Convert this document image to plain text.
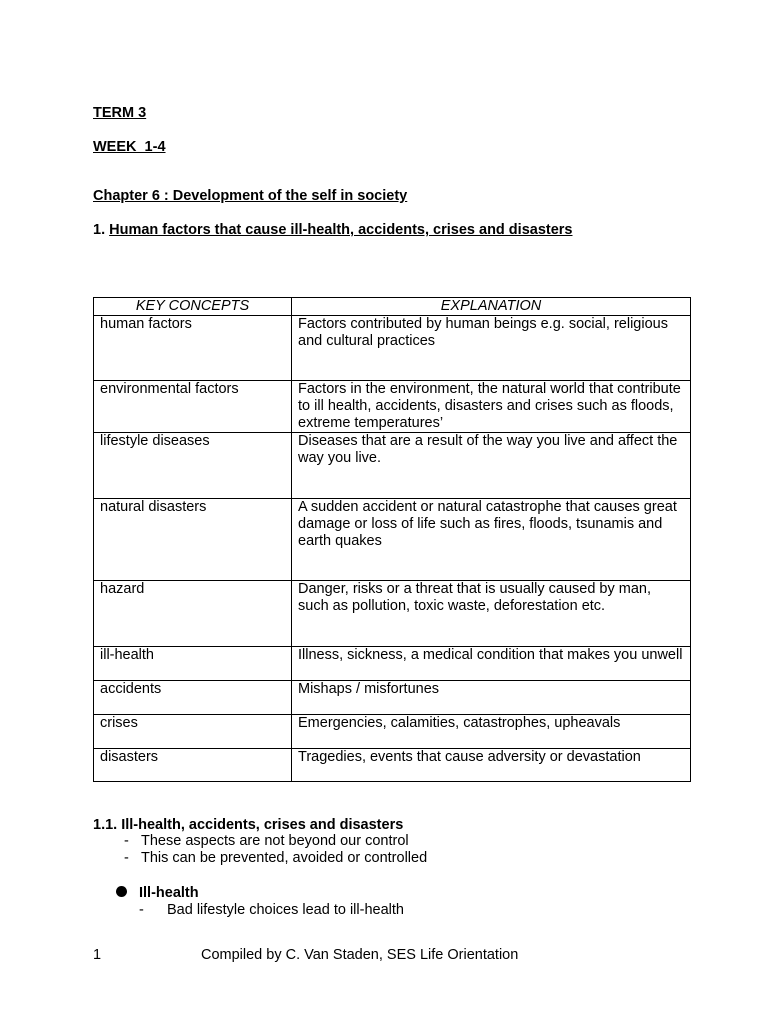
TERM 3
WEEK  1-4
Chapter 6 : Development of the self in society
1. Human factors that cause ill-health, accidents, crises and disasters
KEY CONCEPTS	EXPLANATION
human factors	Factors contributed by human beings e.g. social, religious and cultural practices
environmental factors	Factors in the environment, the natural world that contribute to ill health, accidents, disasters and crises such as floods, extreme temperatures’
lifestyle diseases	Diseases that are a result of the way you live and affect the way you live.
natural disasters	A sudden accident or natural catastrophe that causes great damage or loss of life such as fires, floods, tsunamis and earth quakes
hazard	Danger, risks or a threat that is usually caused by man, such as pollution, toxic waste, deforestation etc.
ill-health	Illness, sickness, a medical condition that makes you unwell
accidents	Mishaps / misfortunes
crises	Emergencies, calamities, catastrophes, upheavals
disasters	Tragedies, events that cause adversity or devastation
1.1. Ill-health, accidents, crises and disasters
- These aspects are not beyond our control
- This can be prevented, avoided or controlled
Ill-health
- Bad lifestyle choices lead to ill-health
1	Compiled by C. Van Staden, SES Life Orientation
